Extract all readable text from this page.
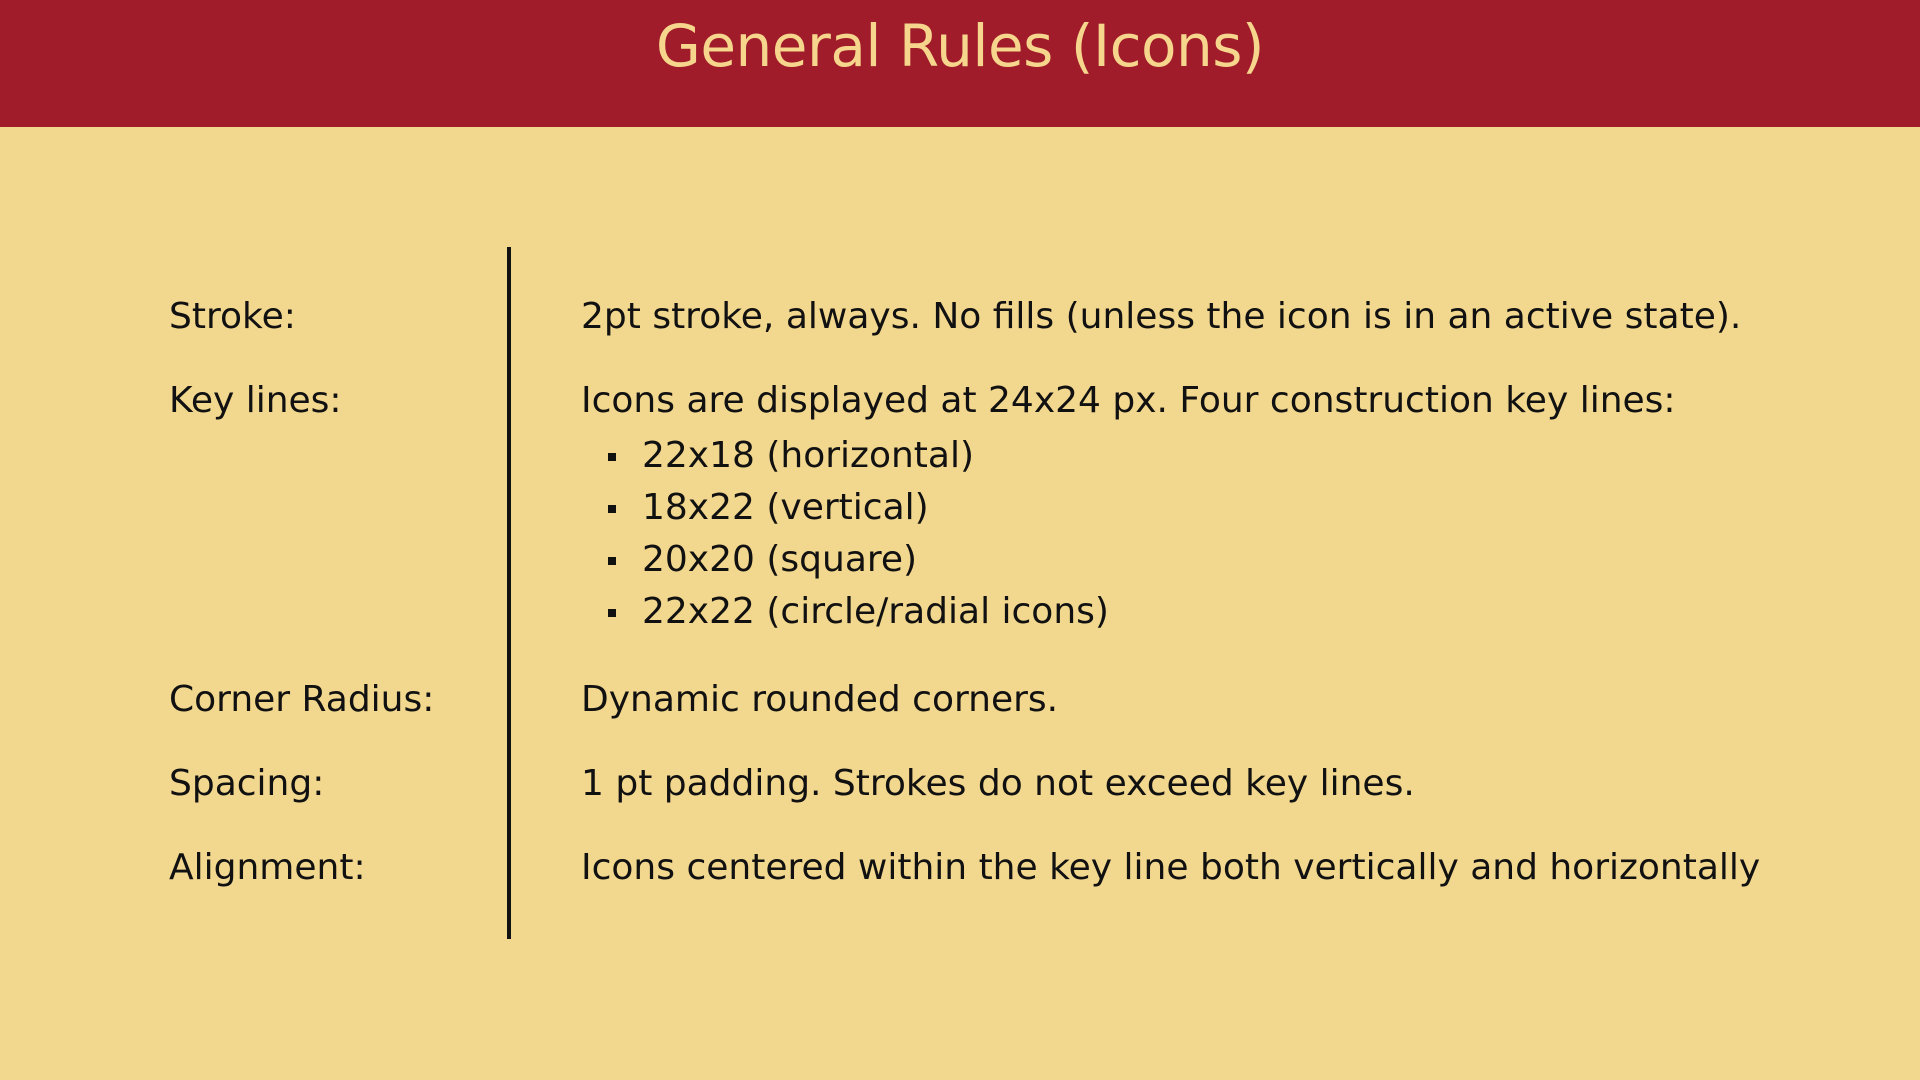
General Rules (Icons)
Stroke:	2pt stroke, always. No fills (unless the icon is in an active state).
Key lines:	Icons are displayed at 24x24 px. Four construction key lines:
22x18 (horizontal)
18x22 (vertical)
20x20 (square)
22x22 (circle/radial icons)
Corner Radius:	Dynamic rounded corners.
Spacing:	1 pt padding. Strokes do not exceed key lines.
Alignment:	Icons centered within the key line both vertically and horizontally
